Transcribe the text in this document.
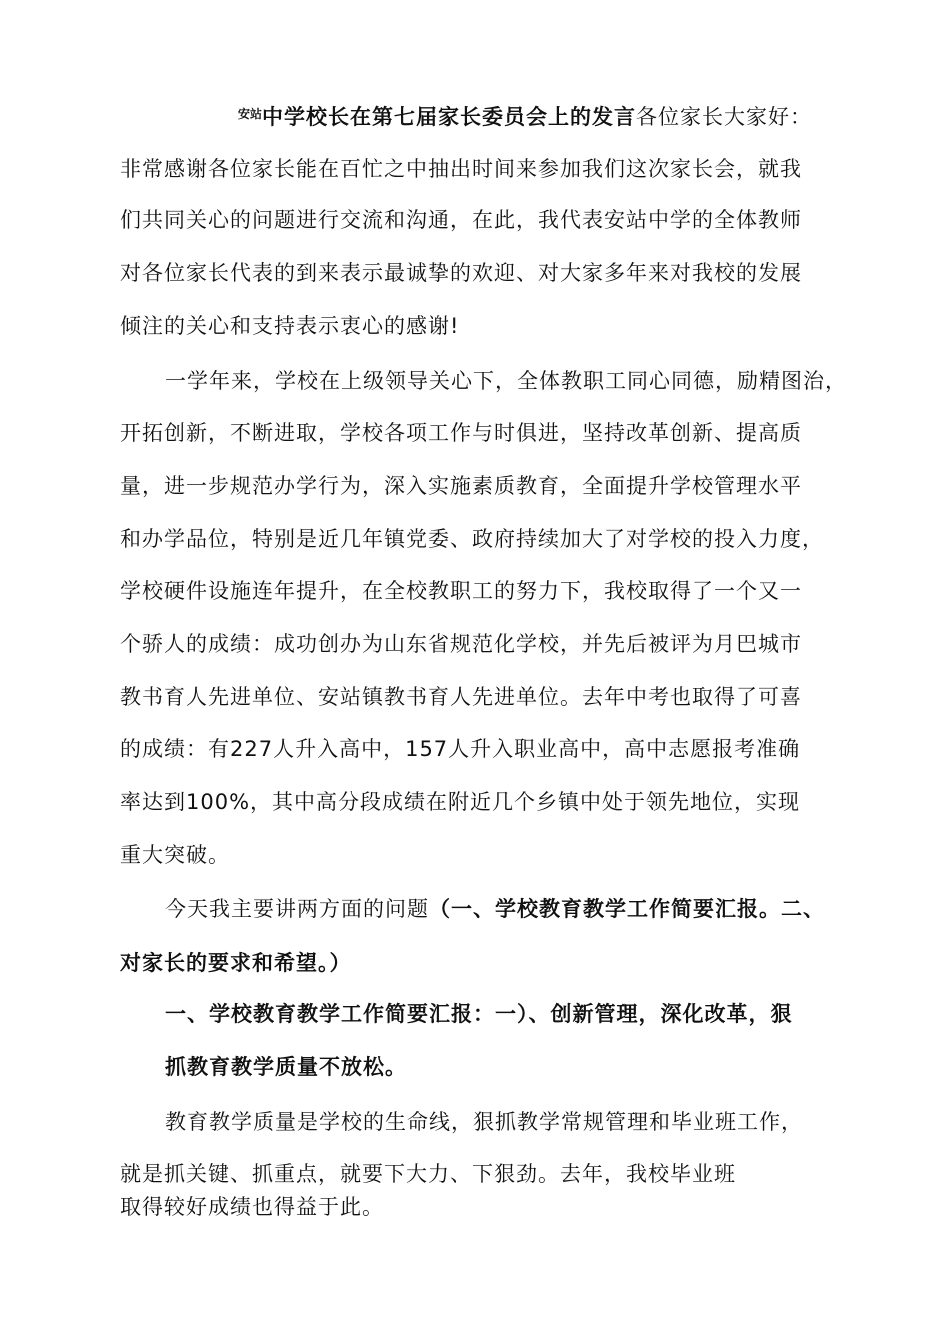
$^{安站}$中学校长在第七届家长委员会上的发言各位家长大家好：
非常感谢各位家长能在百忙之中抽出时间来参加我们这次家长会，就我
们共同关心的问题进行交流和沟通，在此，我代表安站中学的全体教师
对各位家长代表的到来表示最诚挚的欢迎、对大家多年来对我校的发展
倾注的关心和支持表示衷心的感谢!
一学年来，学校在上级领导关心下，全体教职工同心同德，励精图治，
开拓创新，不断进取，学校各项工作与时俱进，坚持改革创新、提高质
量，进一步规范办学行为，深入实施素质教育，全面提升学校管理水平
和办学品位，特别是近几年镇党委、政府持续加大了对学校的投入力度，
学校硬件设施连年提升，在全校教职工的努力下，我校取得了一个又一
个骄人的成绩：成功创办为山东省规范化学校，并先后被评为月巴城市
教书育人先进单位、安站镇教书育人先进单位。去年中考也取得了可喜
的成绩：有227人升入高中，157人升入职业高中，高中志愿报考准确
率达到100%，其中高分段成绩在附近几个乡镇中处于领先地位，实现
重大突破。
今天我主要讲两方面的问题（一、学校教育教学工作简要汇报。二、
对家长的要求和希望。）
一、学校教育教学工作简要汇报：一）、创新管理，深化改革，狠
抓教育教学质量不放松。
教育教学质量是学校的生命线，狠抓教学常规管理和毕业班工作，
就是抓关键、抓重点，就要下大力、下狠劲。去年，我校毕业班
取得较好成绩也得益于此。
